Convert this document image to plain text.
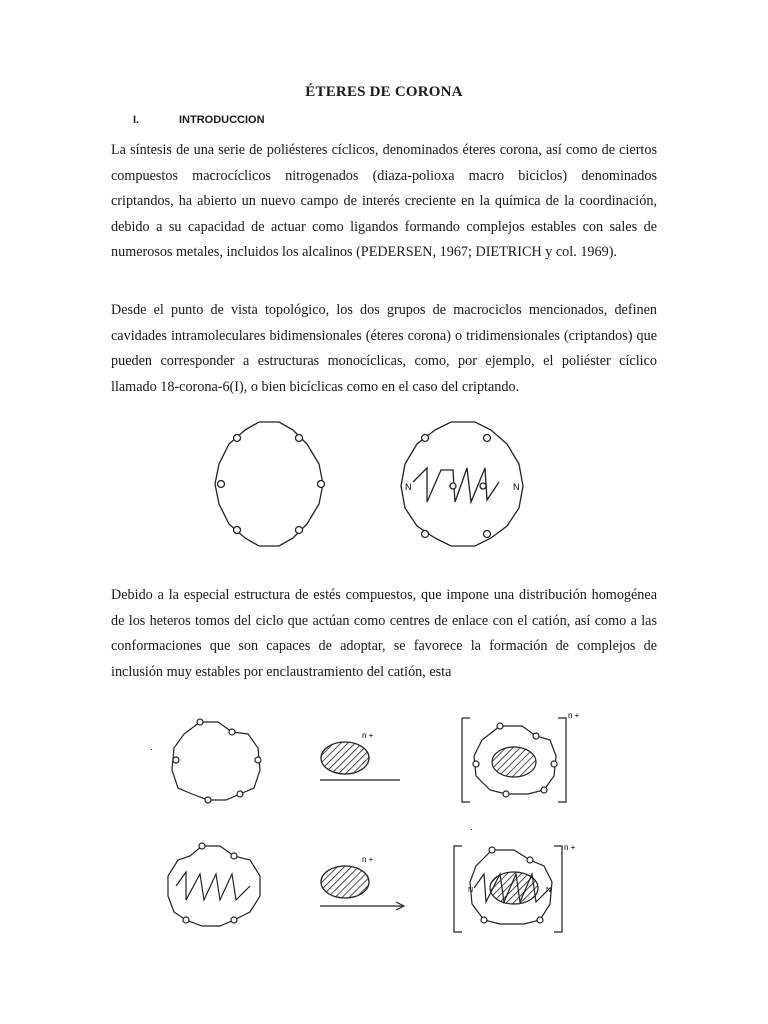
ÉTERES DE CORONA
I.	INTRODUCCION

La síntesis de una serie de poliésteres cíclicos, denominados éteres corona, así como de ciertos compuestos macrocíclicos nitrogenados (diaza-polioxa macro biciclos) denominados criptandos, ha abierto un nuevo campo de interés creciente en la química de la coordinación, debido a su capacidad de actuar como ligandos formando complejos estables con sales de numerosos metales, incluidos los alcalinos (PEDERSEN, 1967; DIETRICH y col. 1969).

Desde el punto de vista topológico, los dos grupos de macrociclos mencionados, definen cavidades intramoleculares bidimensionales (éteres corona) o tridimensionales (criptandos) que pueden corresponder a estructuras monocíclicas, como, por ejemplo, el poliéster cíclico llamado 18-corona-6(I), o bien bicíclicas como en el caso del criptando.

N	N

Debido a la especial estructura de estés compuestos, que impone una distribución homogénea de los heteros tomos del ciclo que actúan como centres de enlace con el catión, así como a las conformaciones que son capaces de adoptar, se favorece la formación de complejos de inclusión muy estables por enclaustramiento del catión, esta

.
n +
n +
.
n +
N	N
n +
